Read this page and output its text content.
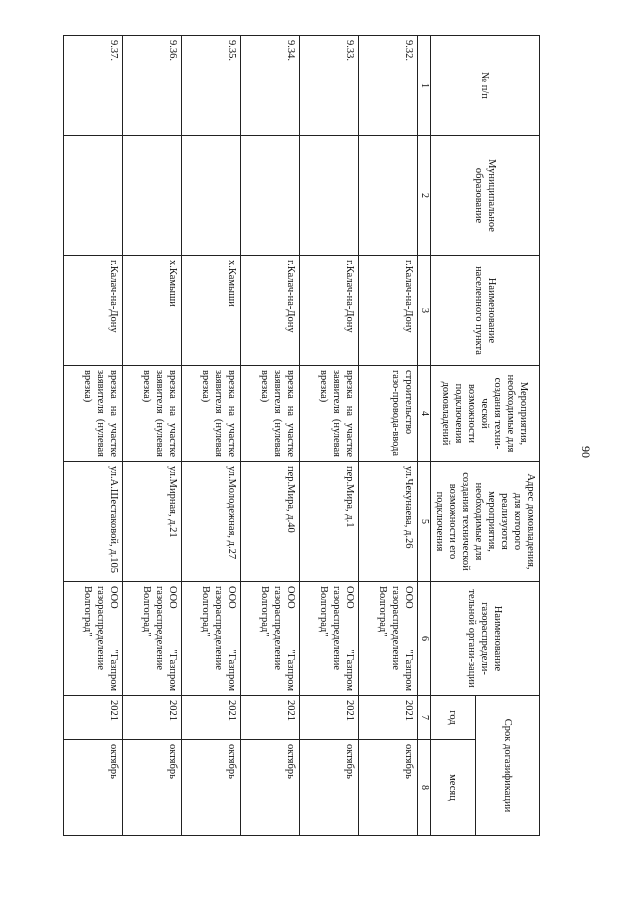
90
№ п/п	Муниципальное образование	Наименование населенного пункта	Мероприятия, необходимые для создания техни-ческой возможности подключения домовладений	Адрес домовладения, для которого реализуются мероприятия, необходимые для создания технической возможности его подключения	Наименование газораспредели-тельной органи-зации	Срок догазификации	
						год	месяц
1	2	3	4	5	6	7	8
9.32.		г.Калач-на-Дону	строительство газо-провода-ввода	ул.Чекунаева, д.26	ООО "Газпром газораспределение Волгоград"	2021	октябрь
9.33.		г.Калач-на-Дону	врезка на участке заявителя (нулевая врезка)	пер.Мира, д.1	ООО "Газпром газораспределение Волгоград"	2021	октябрь
9.34.		г.Калач-на-Дону	врезка на участке заявителя (нулевая врезка)	пер.Мира, д.40	ООО "Газпром газораспределение Волгоград"	2021	октябрь
9.35.		х.Камыши	врезка на участке заявителя (нулевая врезка)	ул.Молодежная, д.27	ООО "Газпром газораспределение Волгоград"	2021	октябрь
9.36.		х.Камыши	врезка на участке заявителя (нулевая врезка)	ул.Мирная, д.21	ООО "Газпром газораспределение Волгоград"	2021	октябрь
9.37.		г.Калач-на-Дону	врезка на участке заявителя (нулевая врезка)	ул.А.Шестаковой, д.105	ООО "Газпром газораспределение Волгоград"	2021	октябрь
